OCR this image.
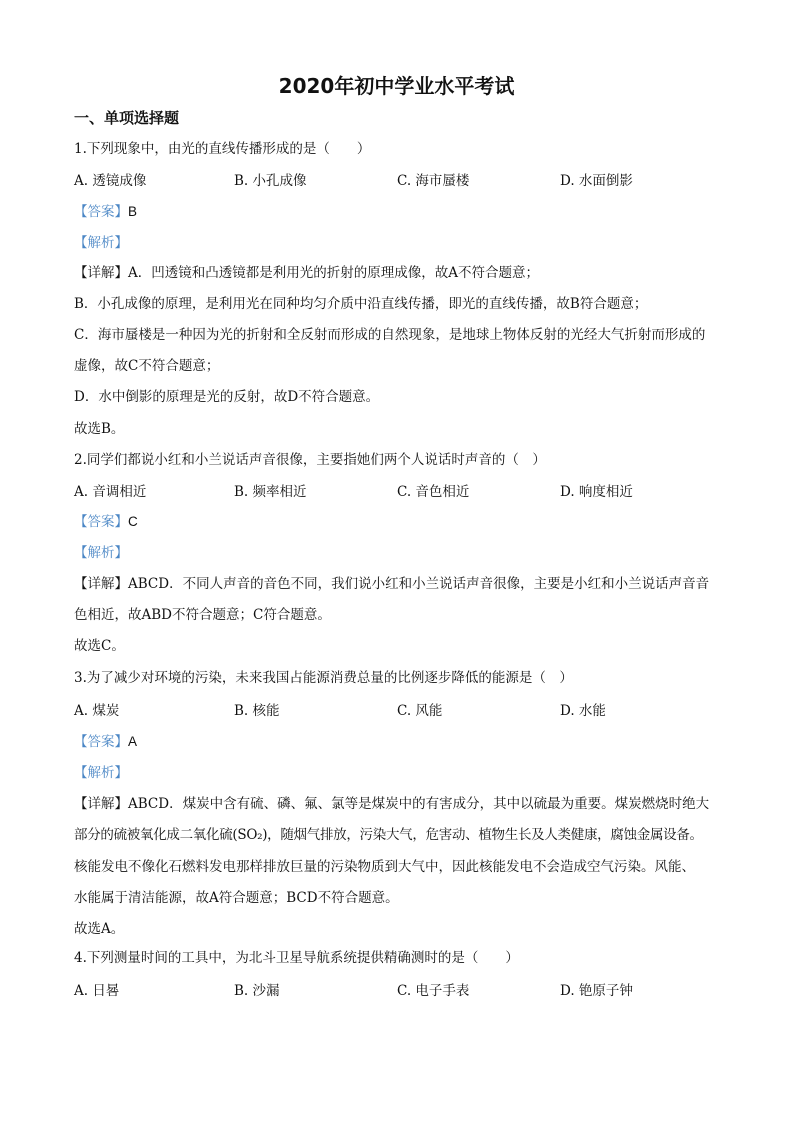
2020年初中学业水平考试
一、单项选择题
1.下列现象中，由光的直线传播形成的是（　　）
A. 透镜成像	B. 小孔成像	C. 海市蜃楼	D. 水面倒影
【答案】B
【解析】
【详解】A．凹透镜和凸透镜都是利用光的折射的原理成像，故A不符合题意；
B．小孔成像的原理，是利用光在同种均匀介质中沿直线传播，即光的直线传播，故B符合题意；
C．海市蜃楼是一种因为光的折射和全反射而形成的自然现象，是地球上物体反射的光经大气折射而形成的
虚像，故C不符合题意；
D．水中倒影的原理是光的反射，故D不符合题意。
故选B。
2.同学们都说小红和小兰说话声音很像，主要指她们两个人说话时声音的（　）
A. 音调相近	B. 频率相近	C. 音色相近	D. 响度相近
【答案】C
【解析】
【详解】ABCD．不同人声音的音色不同，我们说小红和小兰说话声音很像，主要是小红和小兰说话声音音
色相近，故ABD不符合题意；C符合题意。
故选C。
3.为了减少对环境的污染，未来我国占能源消费总量的比例逐步降低的能源是（　）
A. 煤炭	B. 核能	C. 风能	D. 水能
【答案】A
【解析】
【详解】ABCD．煤炭中含有硫、磷、氟、氯等是煤炭中的有害成分，其中以硫最为重要。煤炭燃烧时绝大
部分的硫被氧化成二氧化硫(SO₂)，随烟气排放，污染大气，危害动、植物生长及人类健康，腐蚀金属设备。
核能发电不像化石燃料发电那样排放巨量的污染物质到大气中，因此核能发电不会造成空气污染。风能、
水能属于清洁能源，故A符合题意；BCD不符合题意。
故选A。
4.下列测量时间的工具中，为北斗卫星导航系统提供精确测时的是（　　）
A. 日晷	B. 沙漏	C. 电子手表	D. 铯原子钟
